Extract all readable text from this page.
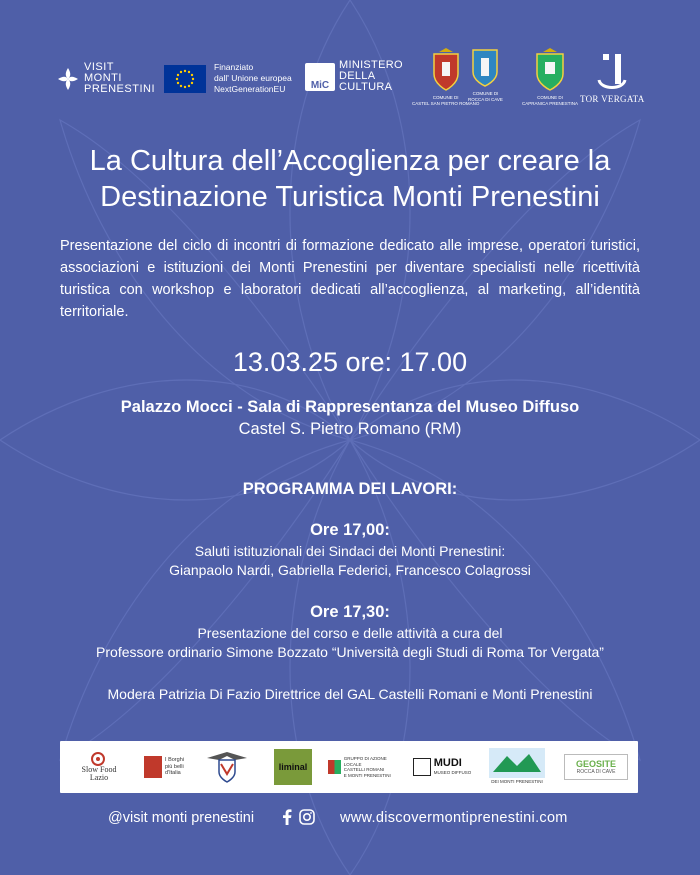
VISIT
MONTI
PRENESTINI
Finanziato
dall' Unione europea
NextGenerationEU	MiC
MINISTERO
DELLA
CULTURA
COMUNE DI
CASTEL SAN PIETRO ROMANO
COMUNE DI
ROCCA DI CAVE	COMUNE DI
CAPRANICA PRENESTINA TOR VERGATA
La Cultura dell’Accoglienza per creare la Destinazione Turistica Monti Prenestini

Presentazione del ciclo di incontri di formazione dedicato alle imprese, operatori turistici, associazioni e istituzioni dei Monti Prenestini per diventare specialisti nelle ricettività turistica con workshop e laboratori dedicati all’accoglienza, al marketing, all’identità territoriale.

13.03.25 ore: 17.00
Palazzo Mocci - Sala di Rappresentanza del Museo Diffuso
Castel S. Pietro Romano (RM)
PROGRAMMA DEI LAVORI:
Ore 17,00:
Saluti istituzionali dei Sindaci dei Monti Prenestini:
Gianpaolo Nardi, Gabriella Federici, Francesco Colagrossi
Ore 17,30:
Presentazione del corso e delle attività a cura del
Professore ordinario Simone Bozzato “Università degli Studi di Roma Tor Vergata”
Modera Patrizia Di Fazio Direttrice del GAL Castelli Romani e Monti Prenestini
Slow Food
Lazio
I Borghi
più belli
d'Italia
liminal
GRUPPO DI AZIONE LOCALE
CASTELLI ROMANI
E MONTI PRENESTINI
MUDI
MUSEO DIFFUSO
DEI MONTI PRENESTINI
GEOSITE
ROCCA DI CAVE
@visit monti prenestini	www.discovermontiprenestini.com
